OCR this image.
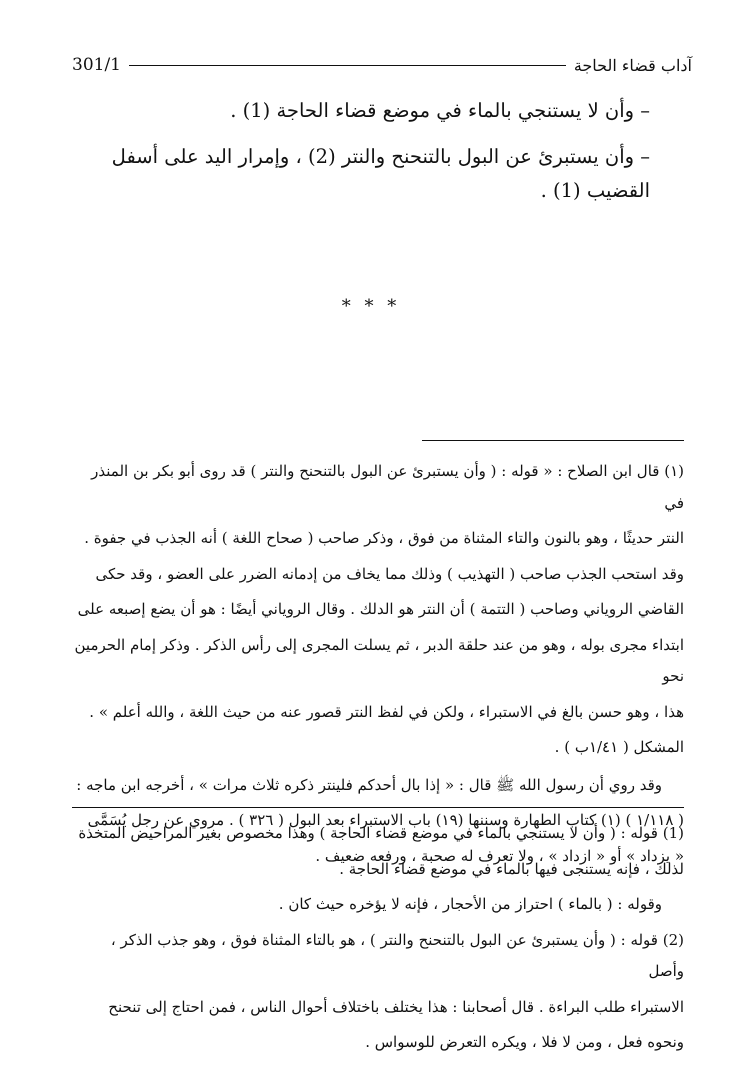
آداب قضاء الحاجة
301/1

– وأن لا يستنجي بالماء في موضع قضاء الحاجة (1) .

– وأن يستبرئ عن البول بالتنحنح والنتر (2) ، وإمرار اليد على أسفل القضيب (1) .

* * *

(١) قال ابن الصلاح : « قوله : ( وأن يستبرئ عن البول بالتنحنح والنتر ) قد روى أبو بكر بن المنذر في

النتر حديثًا ، وهو بالنون والتاء المثناة من فوق ، وذكر صاحب ( صحاح اللغة ) أنه الجذب في جفوة .

وقد استحب الجذب صاحب ( التهذيب ) وذلك مما يخاف من إدمانه الضرر على العضو ، وقد حكى

القاضي الروياني وصاحب ( التتمة ) أن النتر هو الدلك . وقال الروياني أيضًا : هو أن يضع إصبعه على

ابتداء مجرى بوله ، وهو من عند حلقة الدبر ، ثم يسلت المجرى إلى رأس الذكر . وذكر إمام الحرمين نحو

هذا ، وهو حسن بالغ في الاستبراء ، ولكن في لفظ النتر قصور عنه من حيث اللغة ، والله أعلم » .

المشكل ( ١/٤١ب ) .

وقد روي أن رسول الله ﷺ قال : « إذا بال أحدكم فلينتر ذكره ثلاث مرات » ، أخرجه ابن ماجه :

( ١/١١٨ ) (١) كتاب الطهارة وسننها (١٩) باب الاستبراء بعد البول ( ٣٢٦ ) . مروي عن رجل يُسَمَّى

« يزداد » أو « ازداد » ، ولا تعرف له صحبة ، ورفعه ضعيف .

(1) قوله : ( وأن لا يستنجي بالماء في موضع قضاء الحاجة ) وهذا مخصوص بغير المراحيض المتخذة

لذلك ، فإنه يستنجى فيها بالماء في موضع قضاء الحاجة .

وقوله : ( بالماء ) احتراز من الأحجار ، فإنه لا يؤخره حيث كان .

(2) قوله : ( وأن يستبرئ عن البول بالتنحنح والنتر ) ، هو بالتاء المثناة فوق ، وهو جذب الذكر ، وأصل

الاستبراء طلب البراءة . قال أصحابنا : هذا يختلف باختلاف أحوال الناس ، فمن احتاج إلى تنحنح

ونحوه فعل ، ومن لا فلا ، ويكره التعرض للوسواس .
